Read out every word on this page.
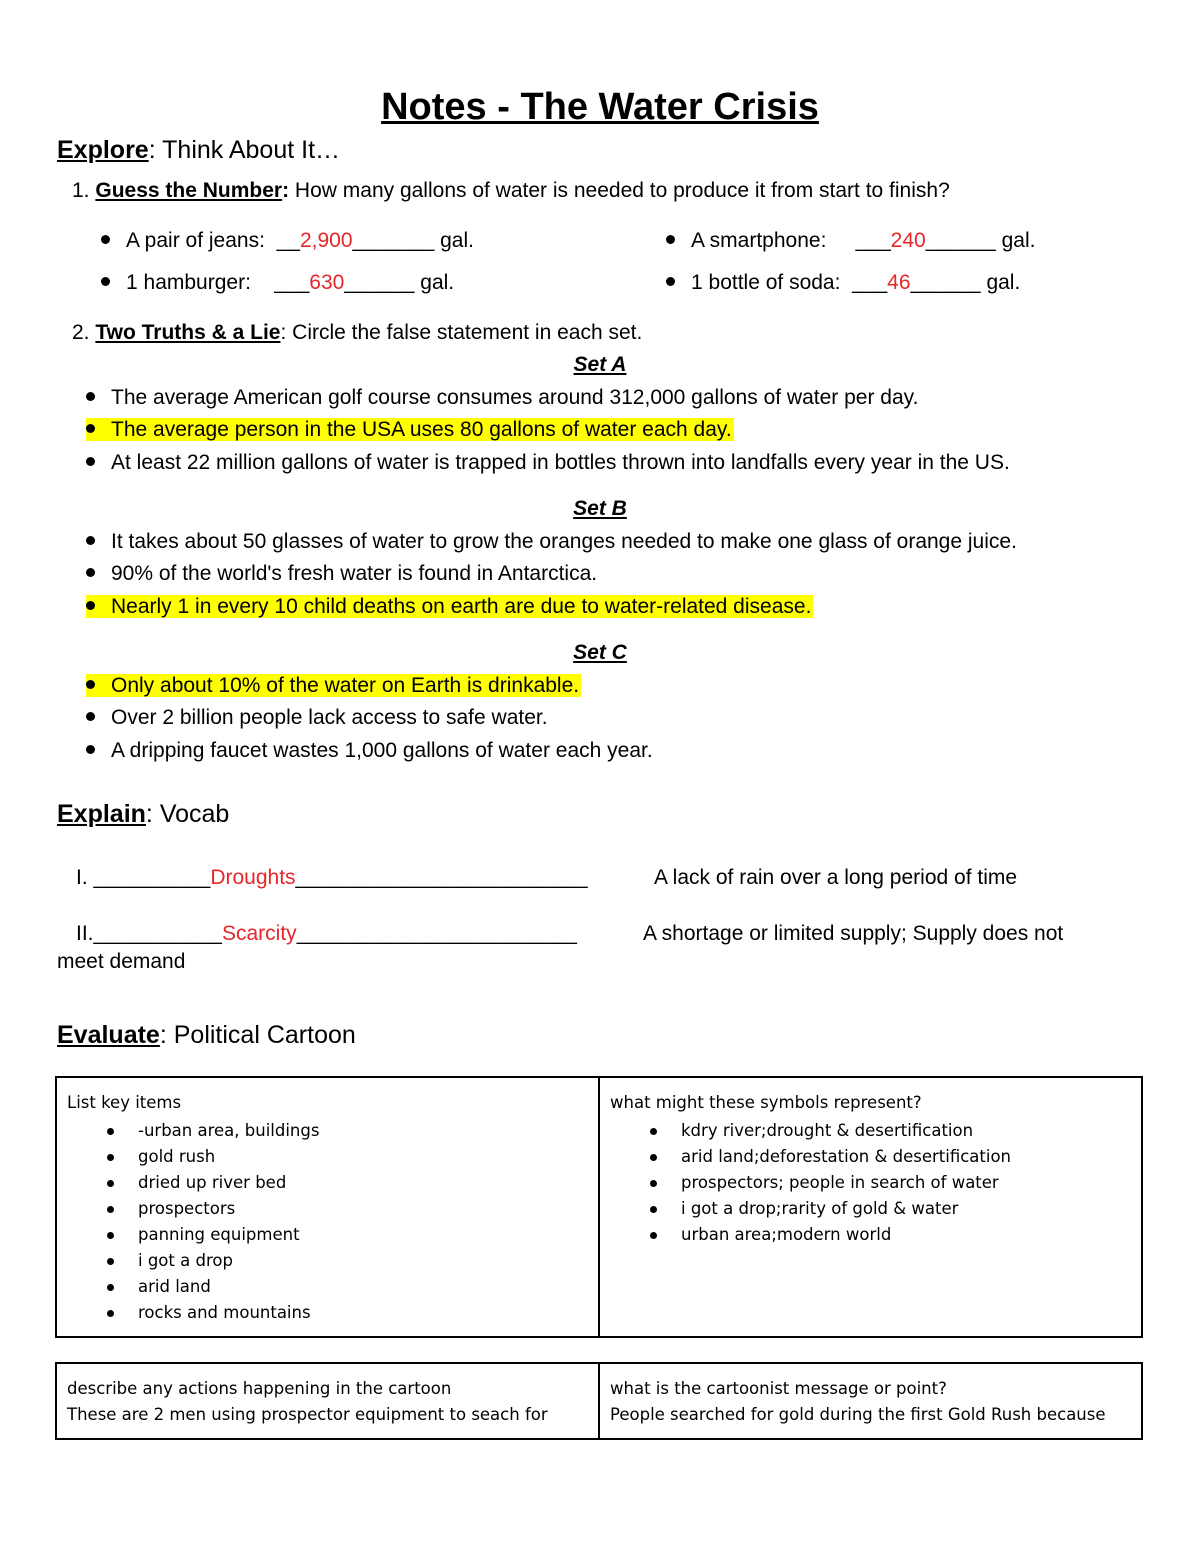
Notes - The Water Crisis
Explore: Think About It…
1. Guess the Number: How many gallons of water is needed to produce it from start to finish?
A pair of jeans: __2,900_______ gal.	A smartphone: ___240______ gal.
1 hamburger: ___630______ gal.	1 bottle of soda: ___46______ gal.
2. Two Truths & a Lie: Circle the false statement in each set.
Set A
The average American golf course consumes around 312,000 gallons of water per day.
The average person in the USA uses 80 gallons of water each day.
At least 22 million gallons of water is trapped in bottles thrown into landfalls every year in the US.
Set B
It takes about 50 glasses of water to grow the oranges needed to make one glass of orange juice.
90% of the world's fresh water is found in Antarctica.
Nearly 1 in every 10 child deaths on earth are due to water-related disease.
Set C
Only about 10% of the water on Earth is drinkable.
Over 2 billion people lack access to safe water.
A dripping faucet wastes 1,000 gallons of water each year.
Explain: Vocab
I. __________Droughts_________________________	A lack of rain over a long period of time
II.___________Scarcity________________________	A shortage or limited supply; Supply does not
meet demand
Evaluate: Political Cartoon
List key items
-urban area, buildings
gold rush
dried up river bed
prospectors
panning equipment
i got a drop
arid land
rocks and mountains

what might these symbols represent?
kdry river;drought & desertification
arid land;deforestation & desertification
prospectors; people in search of water
i got a drop;rarity of gold & water
urban area;modern world
describe any actions happening in the cartoon
These are 2 men using prospector equipment to seach for

what is the cartoonist message or point?
People searched for gold during the first Gold Rush because
